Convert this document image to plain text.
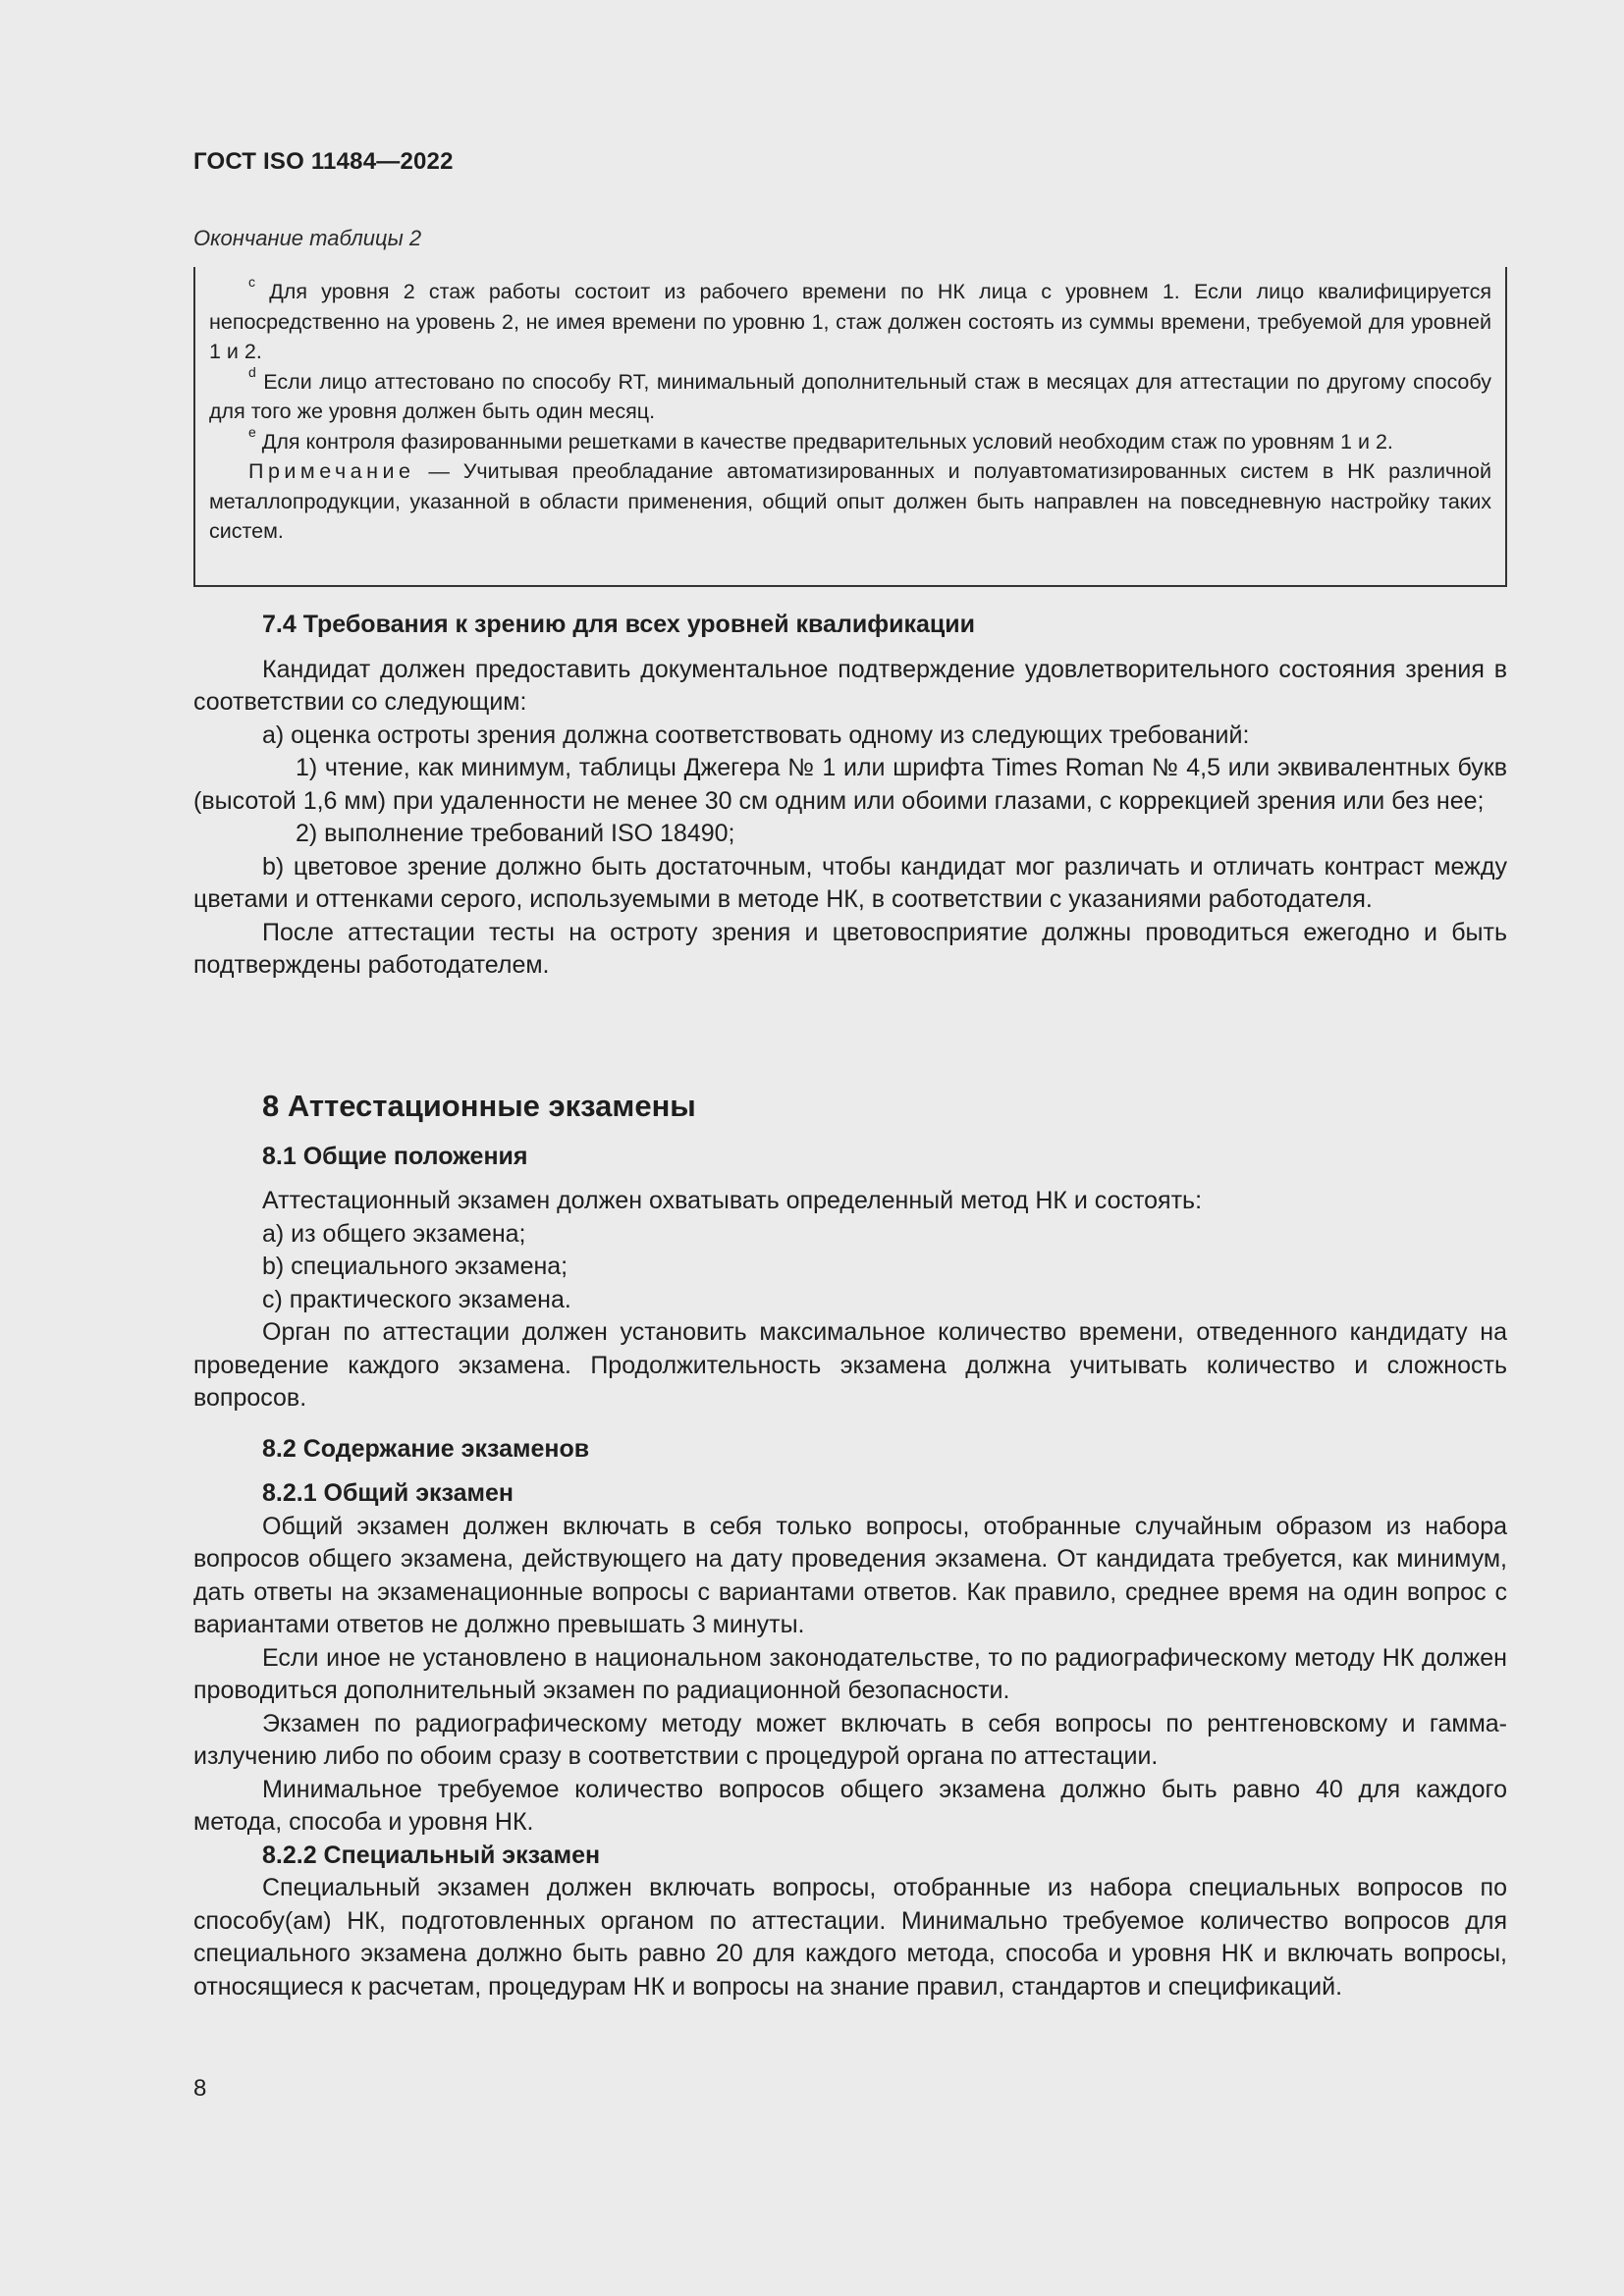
ГОСТ ISO 11484—2022
Окончание таблицы 2

$^c$ Для уровня 2 стаж работы состоит из рабочего времени по НК лица с уровнем 1. Если лицо квалифицируется непосредственно на уровень 2, не имея времени по уровню 1, стаж должен состоять из суммы времени, требуемой для уровней 1 и 2.

$^d$ Если лицо аттестовано по способу RT, минимальный дополнительный стаж в месяцах для аттестации по другому способу для того же уровня должен быть один месяц.

$^e$ Для контроля фазированными решетками в качестве предварительных условий необходим стаж по уровням 1 и 2.

Примечание — Учитывая преобладание автоматизированных и полуавтоматизированных систем в НК различной металлопродукции, указанной в области применения, общий опыт должен быть направлен на повседневную настройку таких систем.

7.4 Требования к зрению для всех уровней квалификации

Кандидат должен предоставить документальное подтверждение удовлетворительного состояния зрения в соответствии со следующим:

a) оценка остроты зрения должна соответствовать одному из следующих требований:

1) чтение, как минимум, таблицы Джегера № 1 или шрифта Times Roman № 4,5 или эквивалентных букв (высотой 1,6 мм) при удаленности не менее 30 см одним или обоими глазами, с коррекцией зрения или без нее;

2) выполнение требований ISO 18490;

b) цветовое зрение должно быть достаточным, чтобы кандидат мог различать и отличать контраст между цветами и оттенками серого, используемыми в методе НК, в соответствии с указаниями работодателя.

После аттестации тесты на остроту зрения и цветовосприятие должны проводиться ежегодно и быть подтверждены работодателем.

8 Аттестационные экзамены

8.1 Общие положения

Аттестационный экзамен должен охватывать определенный метод НК и состоять:

a) из общего экзамена;

b) специального экзамена;

c) практического экзамена.

Орган по аттестации должен установить максимальное количество времени, отведенного кандидату на проведение каждого экзамена. Продолжительность экзамена должна учитывать количество и сложность вопросов.

8.2 Содержание экзаменов

8.2.1 Общий экзамен

Общий экзамен должен включать в себя только вопросы, отобранные случайным образом из набора вопросов общего экзамена, действующего на дату проведения экзамена. От кандидата требуется, как минимум, дать ответы на экзаменационные вопросы с вариантами ответов. Как правило, среднее время на один вопрос с вариантами ответов не должно превышать 3 минуты.

Если иное не установлено в национальном законодательстве, то по радиографическому методу НК должен проводиться дополнительный экзамен по радиационной безопасности.

Экзамен по радиографическому методу может включать в себя вопросы по рентгеновскому и гамма-излучению либо по обоим сразу в соответствии с процедурой органа по аттестации.

Минимальное требуемое количество вопросов общего экзамена должно быть равно 40 для каждого метода, способа и уровня НК.

8.2.2 Специальный экзамен

Специальный экзамен должен включать вопросы, отобранные из набора специальных вопросов по способу(ам) НК, подготовленных органом по аттестации. Минимально требуемое количество вопросов для специального экзамена должно быть равно 20 для каждого метода, способа и уровня НК и включать вопросы, относящиеся к расчетам, процедурам НК и вопросы на знание правил, стандартов и спецификаций.

8
